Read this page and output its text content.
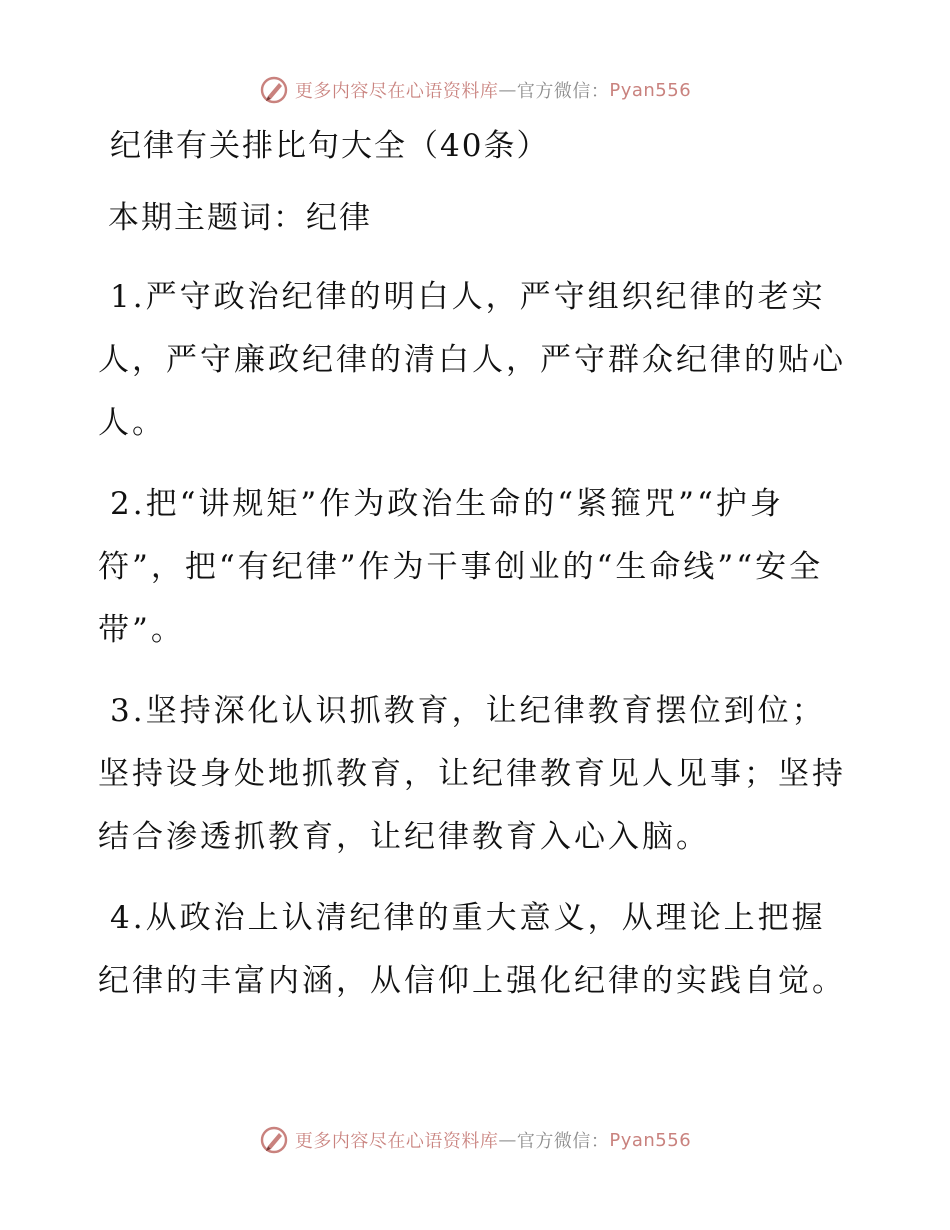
更多内容尽在心语资料库 — 官方微信： Pyan556
纪律有关排比句大全（40条）
本期主题词：纪律

1.严守政治纪律的明白人，严守组织纪律的老实人，严守廉政纪律的清白人，严守群众纪律的贴心人。

2.把“讲规矩”作为政治生命的“紧箍咒”“护身符”，把“有纪律”作为干事创业的“生命线”“安全带”。

3.坚持深化认识抓教育，让纪律教育摆位到位；坚持设身处地抓教育，让纪律教育见人见事；坚持结合渗透抓教育，让纪律教育入心入脑。

4.从政治上认清纪律的重大意义，从理论上把握纪律的丰富内涵，从信仰上强化纪律的实践自觉。

更多内容尽在心语资料库 — 官方微信： Pyan556
